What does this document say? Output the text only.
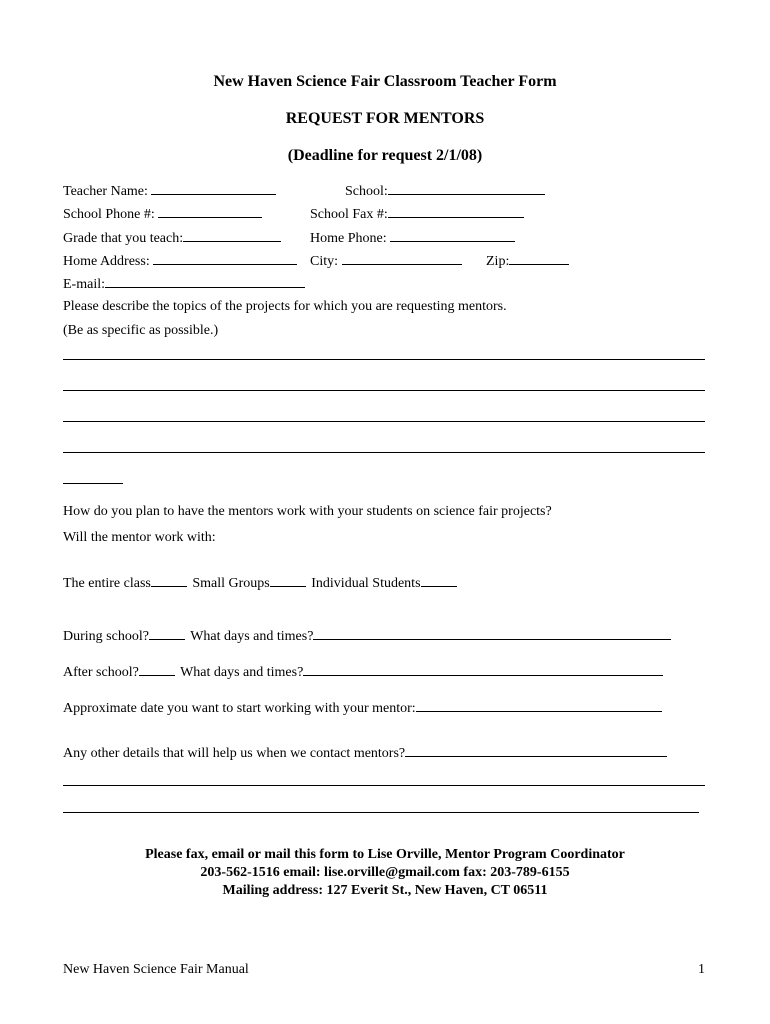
New Haven Science Fair Classroom Teacher Form
REQUEST FOR MENTORS
(Deadline for request 2/1/08)
Teacher Name:	School:
School Phone #:	School Fax #:
Grade that you teach:	Home Phone:
Home Address:	City:	Zip:
E-mail:
Please describe the topics of the projects for which you are requesting mentors.
(Be as specific as possible.)
How do you plan to have the mentors work with your students on science fair projects?
Will the mentor work with:
The entire class	Small Groups	Individual Students
During school?	What days and times?
After school?	What days and times?
Approximate date you want to start working with your mentor:
Any other details that will help us when we contact mentors?
Please fax, email or mail this form to Lise Orville, Mentor Program Coordinator
203-562-1516 email: lise.orville@gmail.com fax: 203-789-6155
Mailing address: 127 Everit St., New Haven, CT 06511
New Haven Science Fair Manual	1
